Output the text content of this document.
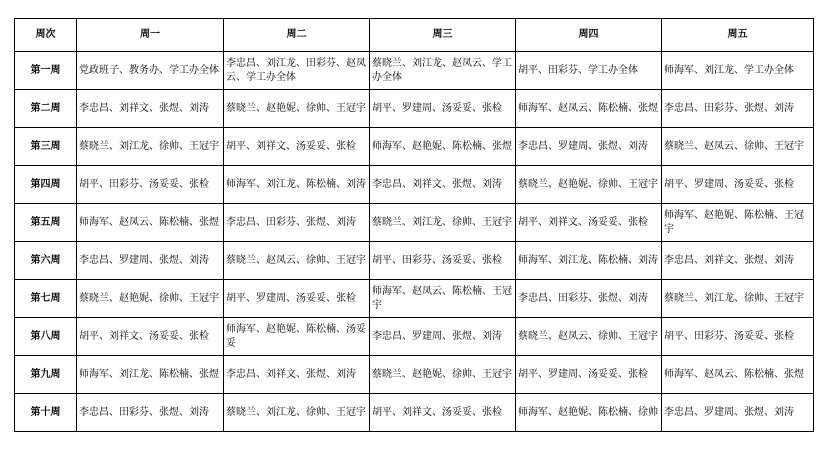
周次	周一	周二	周三	周四	周五
第一周	党政班子、教务办、学工办全体	李忠昌、刘江龙、田彩芬、赵凤云、学工办全体	蔡晓兰、刘江龙、赵凤云、学工办全体	胡平、田彩芬、学工办全体	师海军、刘江龙、学工办全体
第二周	李忠昌、刘祥文、张煜、刘涛	蔡晓兰、赵艳妮、徐帅、王冠宇	胡平、罗建周、汤妥妥、张检	师海军、赵凤云、陈松楠、张煜	李忠昌、田彩芬、张煜、刘涛
第三周	蔡晓兰、刘江龙、徐帅、王冠宇	胡平、刘祥文、汤妥妥、张检	师海军、赵艳妮、陈松楠、张煜	李忠昌、罗建周、张煜、刘涛	蔡晓兰、赵凤云、徐帅、王冠宇
第四周	胡平、田彩芬、汤妥妥、张检	师海军、刘江龙、陈松楠、刘涛	李忠昌、刘祥文、张煜、刘涛	蔡晓兰、赵艳妮、徐帅、王冠宇	胡平、罗建周、汤妥妥、张检
第五周	师海军、赵凤云、陈松楠、张煜	李忠昌、田彩芬、张煜、刘涛	蔡晓兰、刘江龙、徐帅、王冠宇	胡平、刘祥文、汤妥妥、张检	师海军、赵艳妮、陈松楠、王冠宇
第六周	李忠昌、罗建周、张煜、刘涛	蔡晓兰、赵凤云、徐帅、王冠宇	胡平、田彩芬、汤妥妥、张检	师海军、刘江龙、陈松楠、刘涛	李忠昌、刘祥文、张煜、刘涛
第七周	蔡晓兰、赵艳妮、徐帅、王冠宇	胡平、罗建周、汤妥妥、张检	师海军、赵凤云、陈松楠、王冠宇	李忠昌、田彩芬、张煜、刘涛	蔡晓兰、刘江龙、徐帅、王冠宇
第八周	胡平、刘祥文、汤妥妥、张检	师海军、赵艳妮、陈松楠、汤妥妥	李忠昌、罗建周、张煜、刘涛	蔡晓兰、赵凤云、徐帅、王冠宇	胡平、田彩芬、汤妥妥、张检
第九周	师海军、刘江龙、陈松楠、张煜	李忠昌、刘祥文、张煜、刘涛	蔡晓兰、赵艳妮、徐帅、王冠宇	胡平、罗建周、汤妥妥、张检	师海军、赵凤云、陈松楠、张煜
第十周	李忠昌、田彩芬、张煜、刘涛	蔡晓兰、刘江龙、徐帅、王冠宇	胡平、刘祥文、汤妥妥、张检	师海军、赵艳妮、陈松楠、徐帅	李忠昌、罗建周、张煜、刘涛
